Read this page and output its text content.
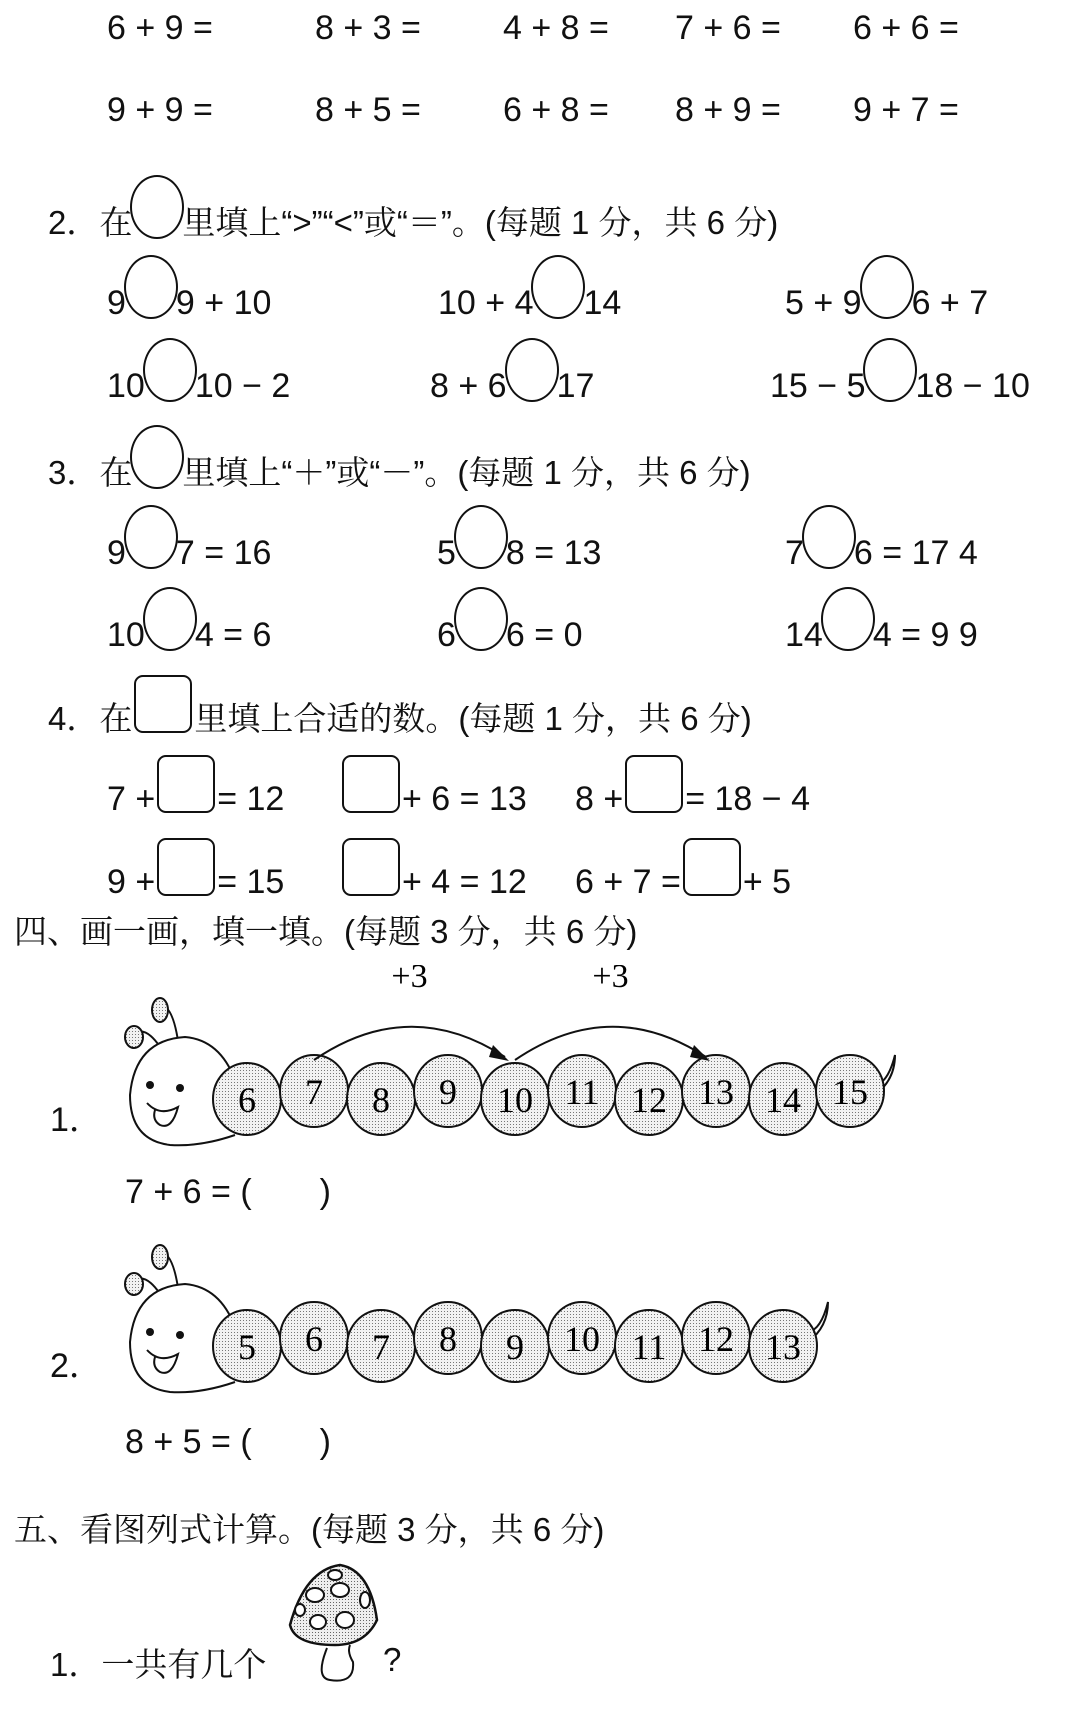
6 + 9 =	8 + 3 = 4 + 8 = 7 + 6 = 6 + 6 =
9 + 9 =	8 + 5 = 6 + 8 = 8 + 9 = 9 + 7 =
2． 在 里填上“>”“<”或“＝”。(每题 1 分，共 6 分)
9 9 + 10	10 + 4 14	5 + 9 6 + 7
10 10 − 2	8 + 6 17	15 − 5 18 − 10
3． 在 里填上“＋”或“－”。(每题 1 分，共 6 分)
9 7 = 16	5 8 = 13	7 6 = 17 4
10 4 = 6	6 6 = 0	14 4 = 9 9
4． 在 里填上合适的数。(每题 1 分，共 6 分)
7 + = 12	+ 6 = 13 8 + = 18 − 4
9 + = 15	+ 4 = 12 6 + 7 = + 5
四、画一画，填一填。(每题 3 分，共 6 分)
1．
7 + 6 = (　　)
2．
8 + 5 = (　　)
6 7 8 9 10 11 12 13 14 15
+3	+3
5 6 7 8 9 10 11 12 13
五、看图列式计算。(每题 3 分，共 6 分)
1． 一共有几个	?
